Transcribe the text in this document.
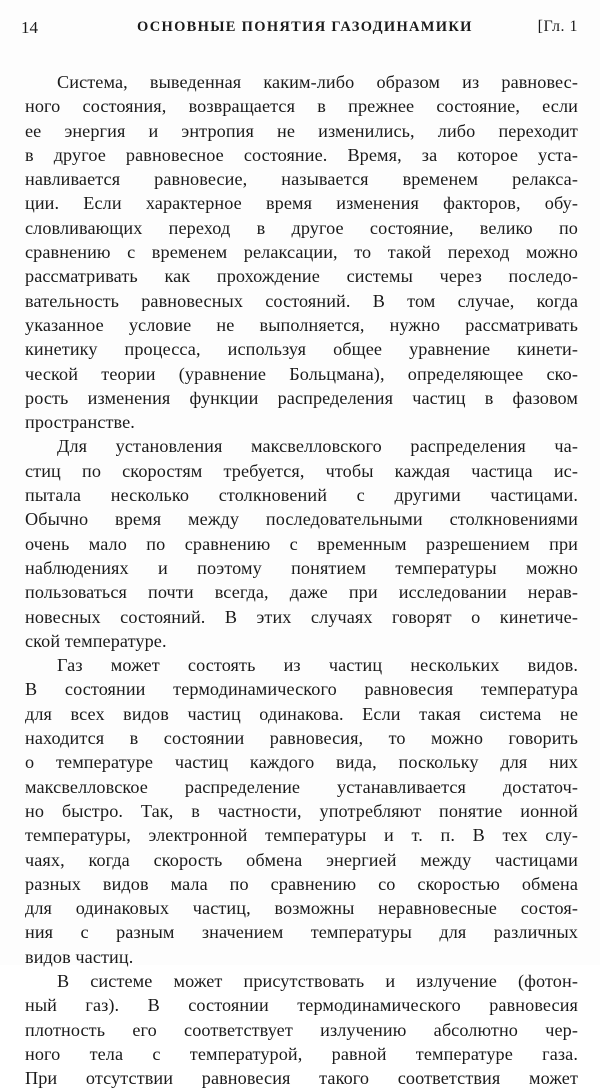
14	ОСНОВНЫЕ ПОНЯТИЯ ГАЗОДИНАМИКИ	[Гл. 1
Система, выведенная каким-либо образом из равновес-
ного состояния, возвращается в прежнее состояние, если
ее энергия и энтропия не изменились, либо переходит
в другое равновесное состояние. Время, за которое уста-
навливается равновесие, называется временем релакса-
ции. Если характерное время изменения факторов, обу-
словливающих переход в другое состояние, велико по
сравнению с временем релаксации, то такой переход можно
рассматривать как прохождение системы через последо-
вательность равновесных состояний. В том случае, когда
указанное условие не выполняется, нужно рассматривать
кинетику процесса, используя общее уравнение кинети-
ческой теории (уравнение Больцмана), определяющее ско-
рость изменения функции распределения частиц в фазовом
пространстве.
Для установления максвелловского распределения ча-
стиц по скоростям требуется, чтобы каждая частица ис-
пытала несколько столкновений с другими частицами.
Обычно время между последовательными столкновениями
очень мало по сравнению с временным разрешением при
наблюдениях и поэтому понятием температуры можно
пользоваться почти всегда, даже при исследовании нерав-
новесных состояний. В этих случаях говорят о кинетиче-
ской температуре.
Газ может состоять из частиц нескольких видов.
В состоянии термодинамического равновесия температура
для всех видов частиц одинакова. Если такая система не
находится в состоянии равновесия, то можно говорить
о температуре частиц каждого вида, поскольку для них
максвелловское распределение устанавливается достаточ-
но быстро. Так, в частности, употребляют понятие ионной
температуры, электронной температуры и т. п. В тех слу-
чаях, когда скорость обмена энергией между частицами
разных видов мала по сравнению со скоростью обмена
для одинаковых частиц, возможны неравновесные состоя-
ния с разным значением температуры для различных
видов частиц.
В системе может присутствовать и излучение (фотон-
ный газ). В состоянии термодинамического равновесия
плотность его соответствует излучению абсолютно чер-
ного тела с температурой, равной температуре газа.
При отсутствии равновесия такого соответствия может
